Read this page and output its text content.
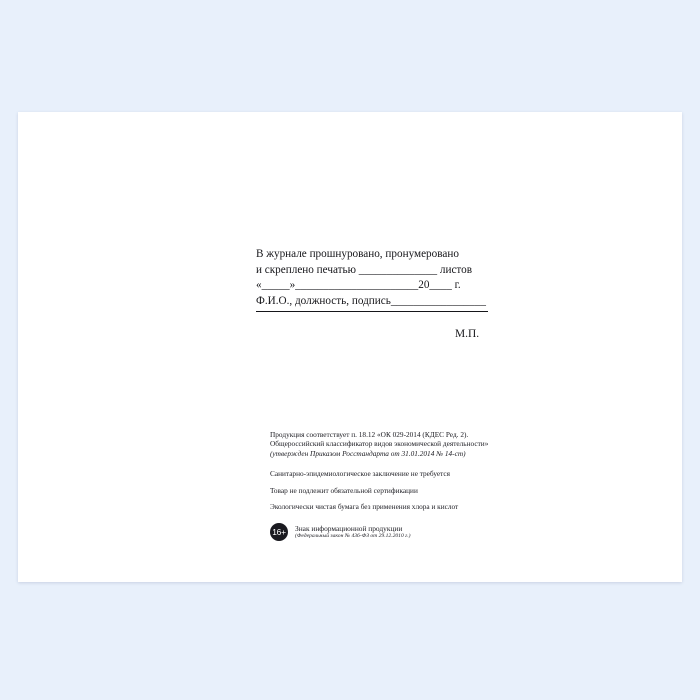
В журнале прошнуровано, пронумеровано
и скреплено печатью ______________ листов
«_____»______________________20____ г.
Ф.И.О., должность, подпись_________________
М.П.
Продукция соответствует п. 18.12 «ОК 029-2014 (КДЕС Ред. 2).
Общероссийский классификатор видов экономической деятельности»
(утвержден Приказом Росстандарта от 31.01.2014 № 14-ст)
Санитарно-эпидемиологическое заключение не требуется
Товар не подлежит обязательной сертификации
Экологически чистая бумага без применения хлора и кислот
16+ Знак информационной продукции
(Федеральный закон № 436-ФЗ от 29.12.2010 г.)
